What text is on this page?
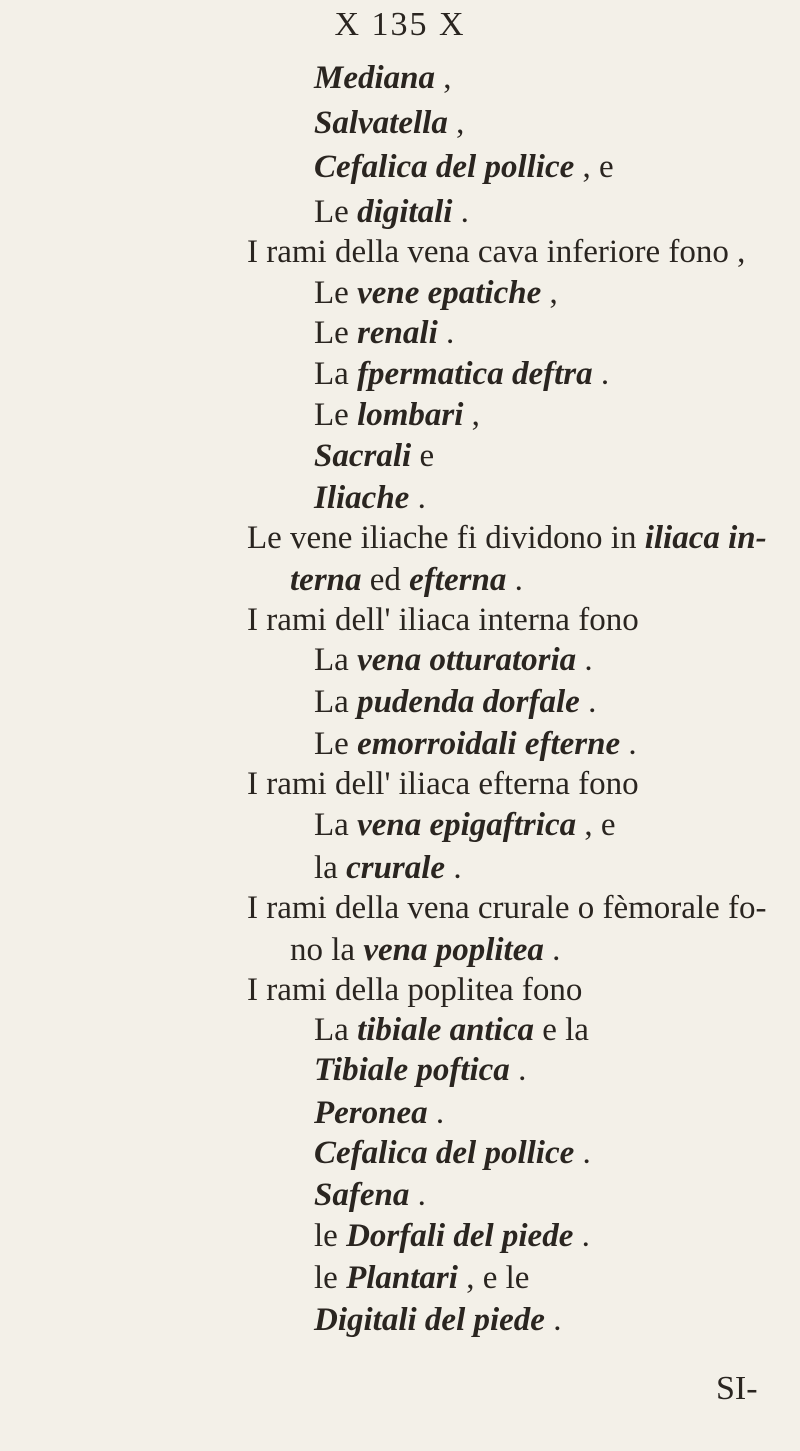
X 135 X
Mediana ,
Salvatella ,
Cefalica del pollice , e
Le digitali .
I rami della vena cava inferiore fono ,
Le vene epatiche ,
Le renali .
La fpermatica deftra .
Le lombari ,
Sacrali e
Iliache .
Le vene iliache fi dividono in iliaca in-
terna ed efterna .
I rami dell' iliaca interna fono
La vena otturatoria .
La pudenda dorfale .
Le emorroidali efterne .
I rami dell' iliaca efterna fono
La vena epigaftrica , e
la crurale .
I rami della vena crurale o fèmorale fo-
no la vena poplitea .
I rami della poplitea fono
La tibiale antica e la
Tibiale poftica .
Peronea .
Cefalica del pollice .
Safena .
le Dorfali del piede .
le Plantari , e le
Digitali del piede .
SI-
